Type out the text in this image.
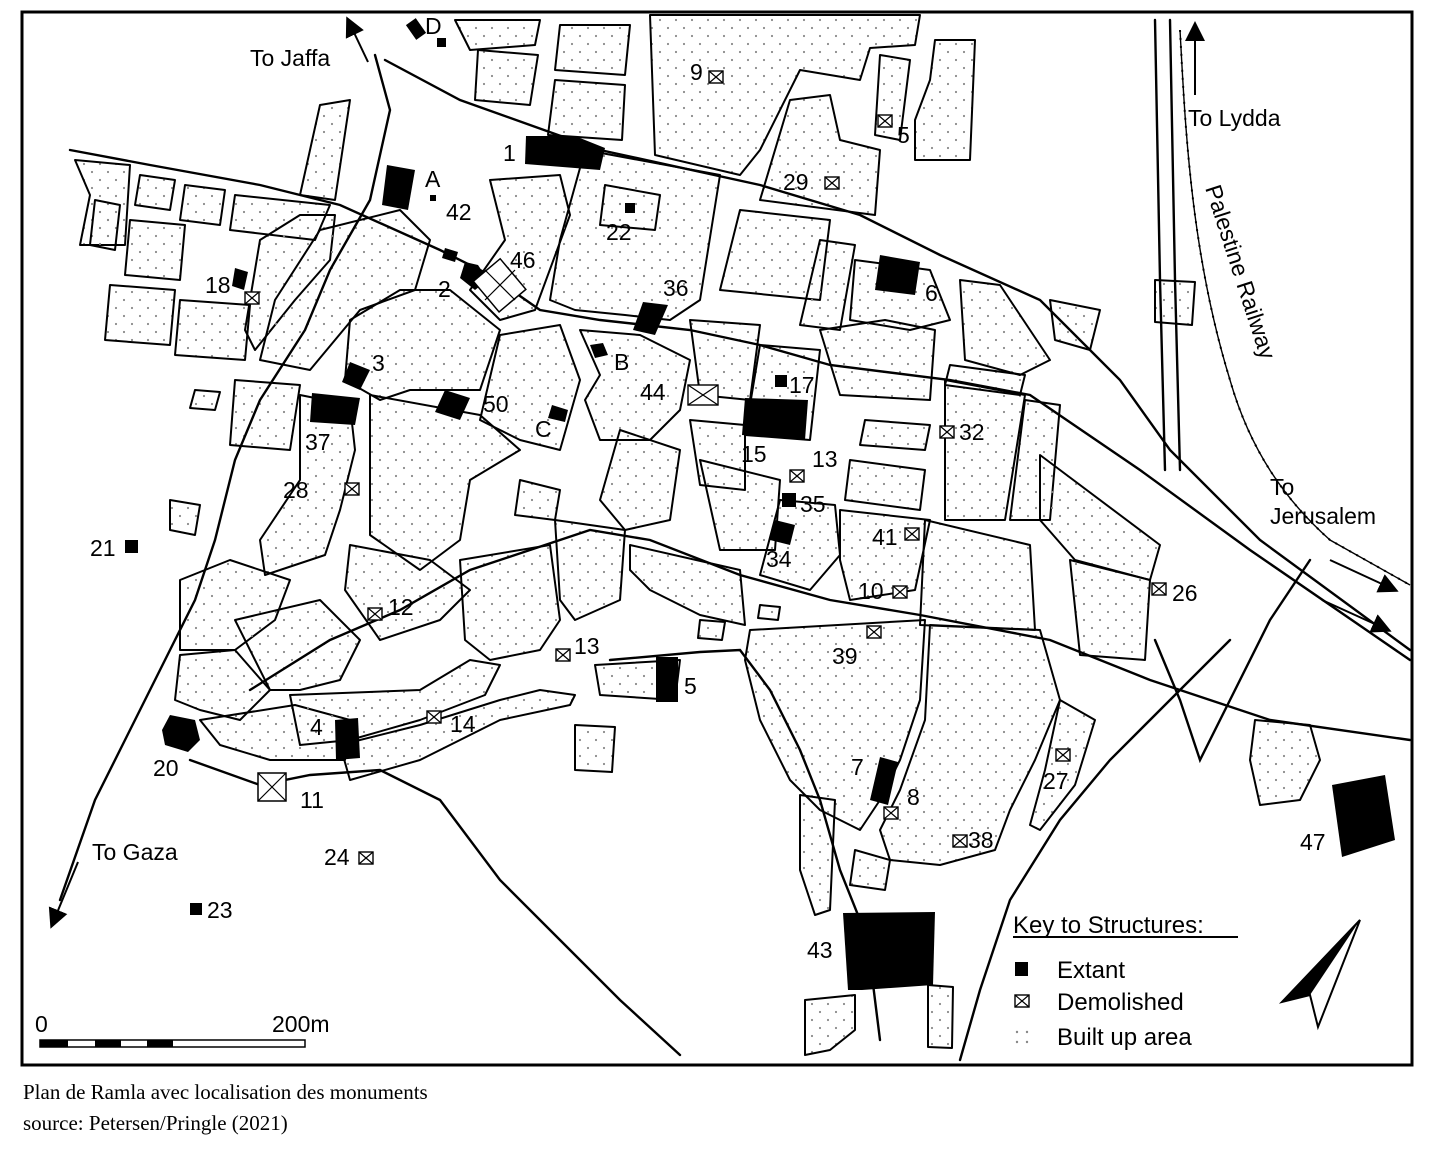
To Jaffa
To Lydda
To Gaza
To
Jerusalem
Palestine Railway
1
2
3
4
5
6
7
15
17
20
21
22
23
34
35
36
37
43
47
50
A
B
C
D
5
8
9
10
11
12
13
13
14
18
24
26
27
28
29
32
38
39
41
42
44
46
0	200m
Key to Structures:
Extant
Demolished
Built up area
Plan de Ramla avec localisation des monuments
source: Petersen/Pringle (2021)
